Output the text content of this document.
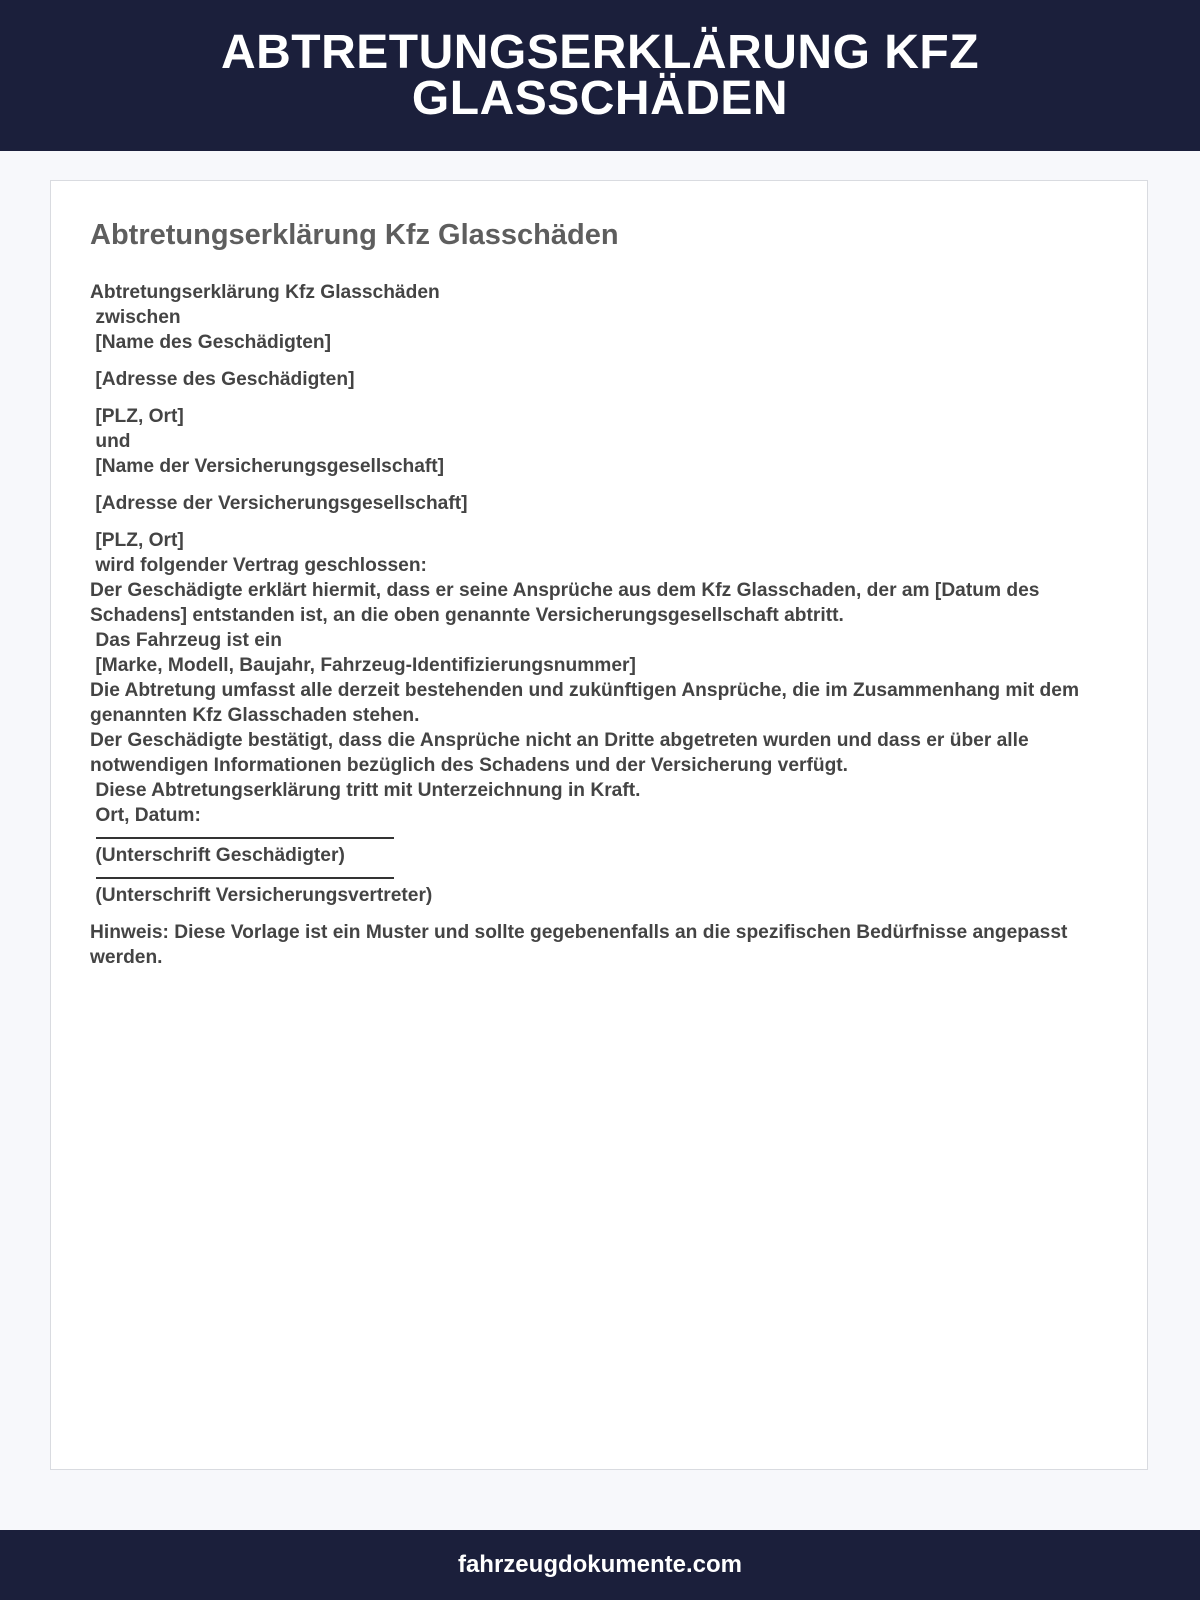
ABTRETUNGSERKLÄRUNG KFZ GLASSCHÄDEN
Abtretungserklärung Kfz Glasschäden
Abtretungserklärung Kfz Glasschäden
zwischen
[Name des Geschädigten]
[Adresse des Geschädigten]
[PLZ, Ort]
und
[Name der Versicherungsgesellschaft]
[Adresse der Versicherungsgesellschaft]
[PLZ, Ort]
wird folgender Vertrag geschlossen:
Der Geschädigte erklärt hiermit, dass er seine Ansprüche aus dem Kfz Glasschaden, der am [Datum des Schadens] entstanden ist, an die oben genannte Versicherungsgesellschaft abtritt.
Das Fahrzeug ist ein
[Marke, Modell, Baujahr, Fahrzeug-Identifizierungsnummer]
Die Abtretung umfasst alle derzeit bestehenden und zukünftigen Ansprüche, die im Zusammenhang mit dem genannten Kfz Glasschaden stehen.
Der Geschädigte bestätigt, dass die Ansprüche nicht an Dritte abgetreten wurden und dass er über alle notwendigen Informationen bezüglich des Schadens und der Versicherung verfügt.
Diese Abtretungserklärung tritt mit Unterzeichnung in Kraft.
Ort, Datum:
(Unterschrift Geschädigter)
(Unterschrift Versicherungsvertreter)
Hinweis: Diese Vorlage ist ein Muster und sollte gegebenenfalls an die spezifischen Bedürfnisse angepasst werden.
fahrzeugdokumente.com
